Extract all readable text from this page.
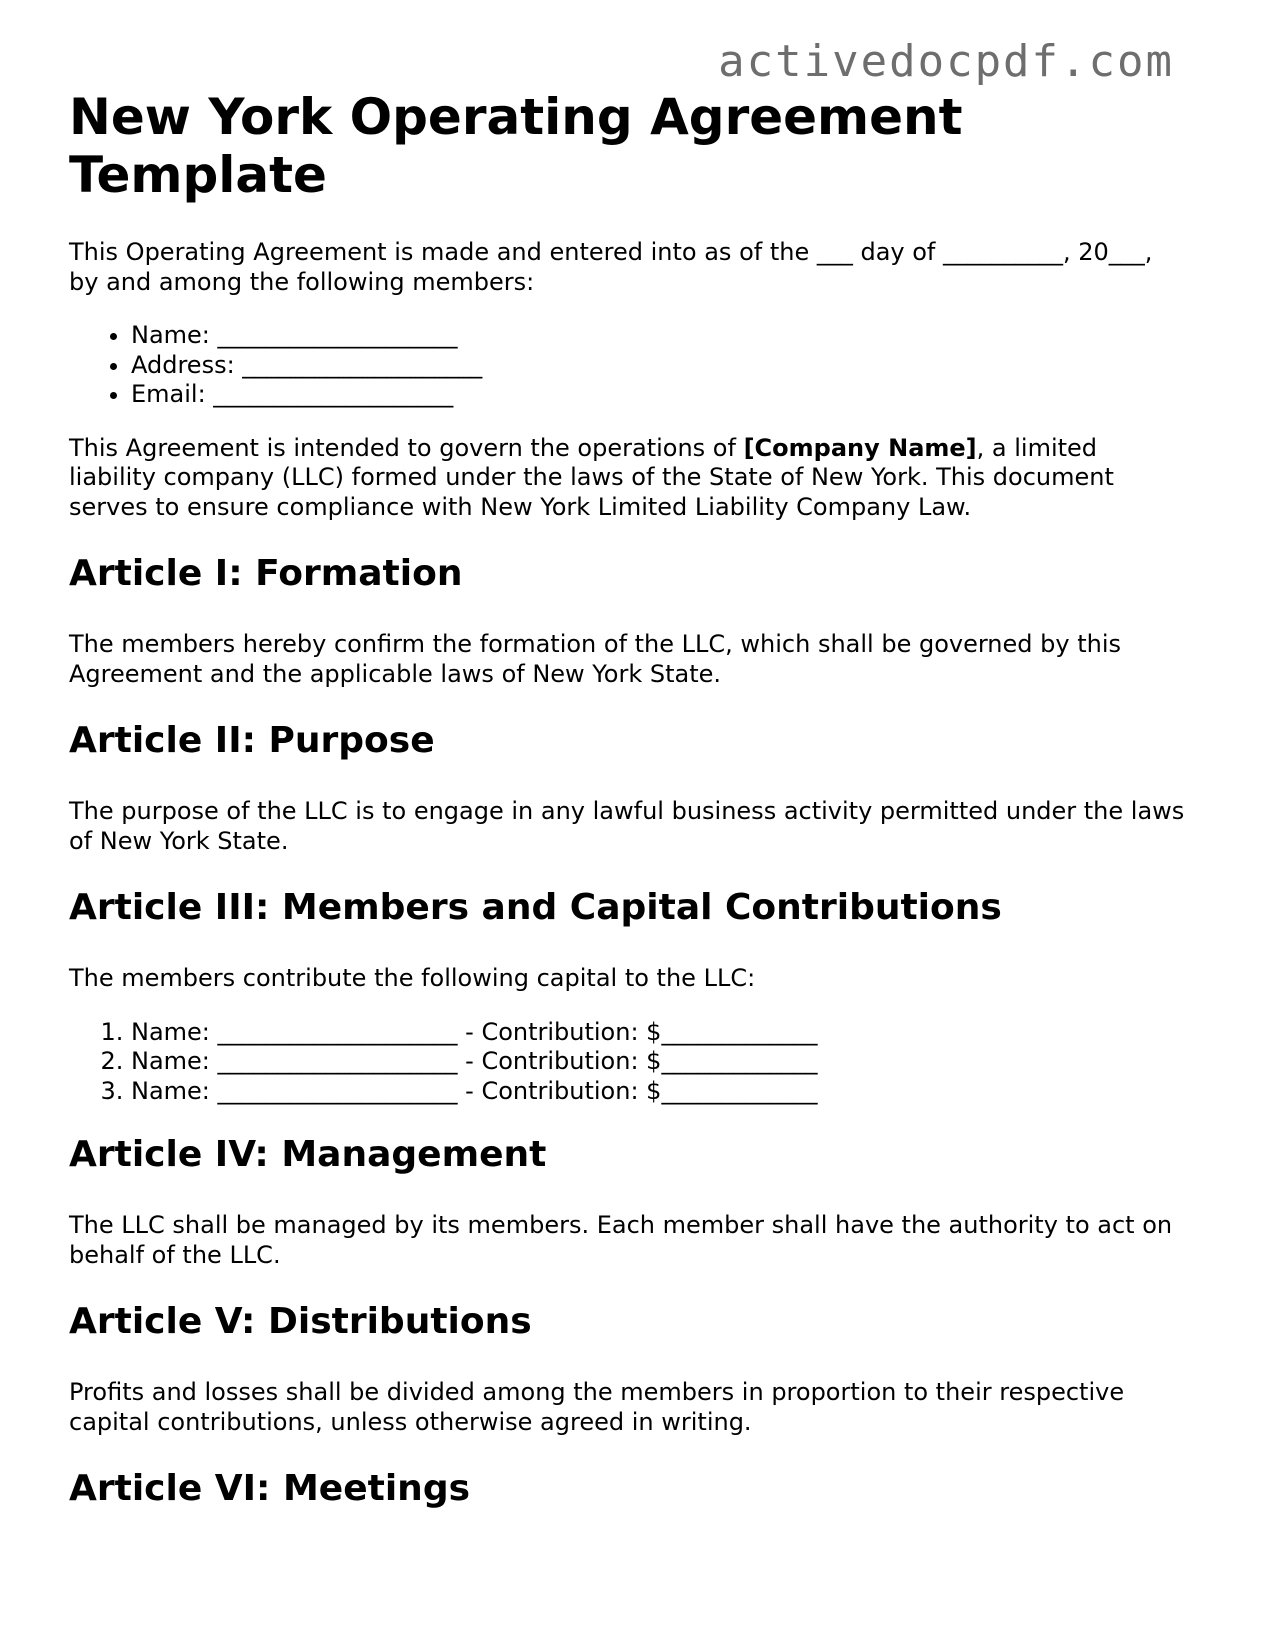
activedocpdf.com
New York Operating Agreement Template

This Operating Agreement is made and entered into as of the ___ day of __________, 20___, by and among the following members:

• Name: ____________________
• Address: ____________________
• Email: ____________________

This Agreement is intended to govern the operations of [Company Name], a limited liability company (LLC) formed under the laws of the State of New York. This document serves to ensure compliance with New York Limited Liability Company Law.

Article I: Formation

The members hereby confirm the formation of the LLC, which shall be governed by this Agreement and the applicable laws of New York State.

Article II: Purpose

The purpose of the LLC is to engage in any lawful business activity permitted under the laws of New York State.

Article III: Members and Capital Contributions

The members contribute the following capital to the LLC:

1. Name: ____________________ - Contribution: $_____________
2. Name: ____________________ - Contribution: $_____________
3. Name: ____________________ - Contribution: $_____________
Article IV: Management

The LLC shall be managed by its members. Each member shall have the authority to act on behalf of the LLC.

Article V: Distributions

Profits and losses shall be divided among the members in proportion to their respective capital contributions, unless otherwise agreed in writing.

Article VI: Meetings
